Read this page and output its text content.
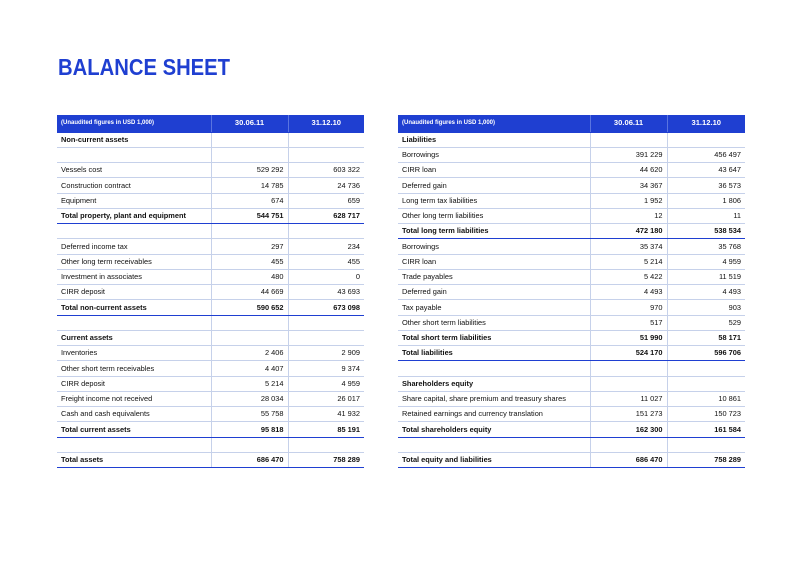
BALANCE SHEET
(Unaudited figures in USD 1,000)	30.06.11	31.12.10
Non-current assets		

Vessels cost	529 292	603 322
Construction contract	14 785	24 736
Equipment	674	659
Total property, plant and equipment	544 751	628 717

Deferred income tax	297	234
Other long term receivables	455	455
Investment in associates	480	0
CIRR deposit	44 669	43 693
Total non-current assets	590 652	673 098

Current assets		
Inventories	2 406	2 909
Other short term receivables	4 407	9 374
CIRR deposit	5 214	4 959
Freight income not received	28 034	26 017
Cash and cash equivalents	55 758	41 932
Total current assets	95 818	85 191

Total assets	686 470	758 289
(Unaudited figures in USD 1,000)	30.06.11	31.12.10
Liabilities		
Borrowings	391 229	456 497
CIRR loan	44 620	43 647
Deferred gain	34 367	36 573
Long term tax liabilities	1 952	1 806
Other long term liabilities	12	11
Total long term liabilities	472 180	538 534
Borrowings	35 374	35 768
CIRR loan	5 214	4 959
Trade payables	5 422	11 519
Deferred gain	4 493	4 493
Tax payable	970	903
Other short term liabilities	517	529
Total short term liabilities	51 990	58 171
Total liabilities	524 170	596 706

Shareholders equity		
Share capital, share premium and treasury shares	11 027	10 861
Retained earnings and currency translation	151 273	150 723
Total shareholders equity	162 300	161 584

Total equity and liabilities	686 470	758 289
